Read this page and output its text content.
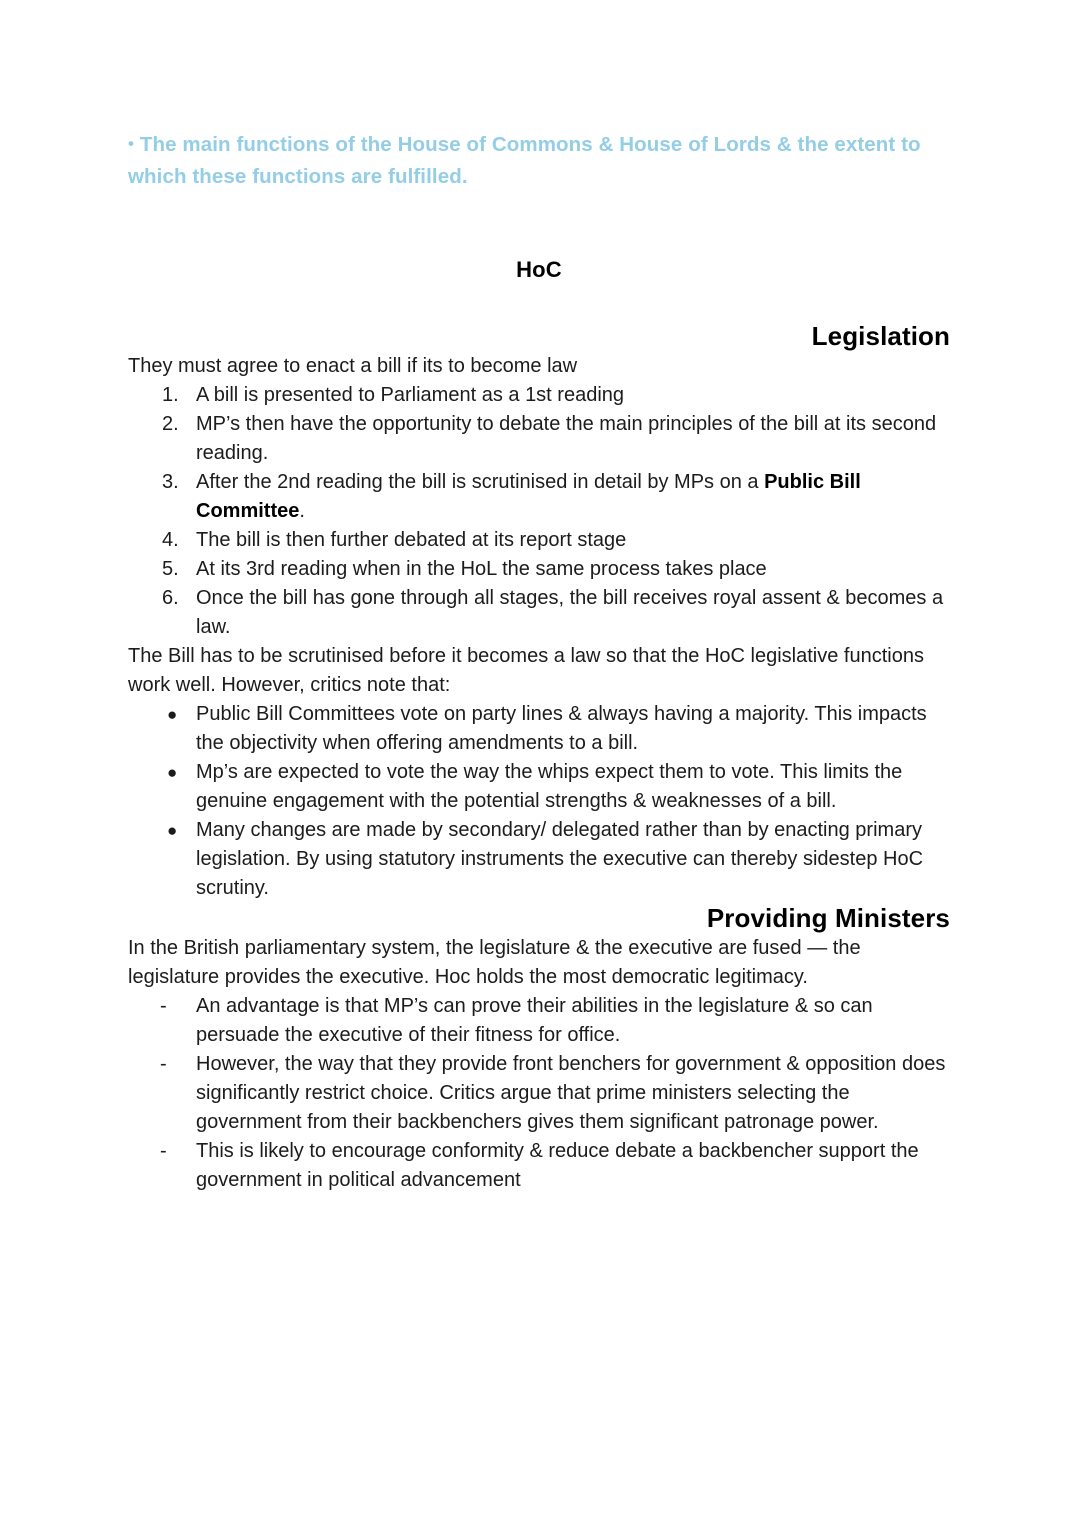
• The main functions of the House of Commons & House of Lords & the extent to which these functions are fulfilled.

HoC
Legislation

They must agree to enact a bill if its to become law

1. A bill is presented to Parliament as a 1st reading
2. MP’s then have the opportunity to debate the main principles of the bill at its second reading.
3. After the 2nd reading the bill is scrutinised in detail by MPs on a Public Bill Committee.
4. The bill is then further debated at its report stage
5. At its 3rd reading when in the HoL the same process takes place
6. Once the bill has gone through all stages, the bill receives royal assent & becomes a law.

The Bill has to be scrutinised before it becomes a law so that the HoC legislative functions work well. However, critics note that:

● Public Bill Committees vote on party lines & always having a majority. This impacts the objectivity when offering amendments to a bill.
● Mp’s are expected to vote the way the whips expect them to vote. This limits the genuine engagement with the potential strengths & weaknesses of a bill.
● Many changes are made by secondary/ delegated rather than by enacting primary legislation. By using statutory instruments the executive can thereby sidestep HoC scrutiny.
Providing Ministers

In the British parliamentary system, the legislature & the executive are fused — the legislature provides the executive. Hoc holds the most democratic legitimacy.

- An advantage is that MP’s can prove their abilities in the legislature & so can persuade the executive of their fitness for office.
- However, the way that they provide front benchers for government & opposition does significantly restrict choice. Critics argue that prime ministers selecting the government from their backbenchers gives them significant patronage power.
- This is likely to encourage conformity & reduce debate a backbencher support the government in political advancement
